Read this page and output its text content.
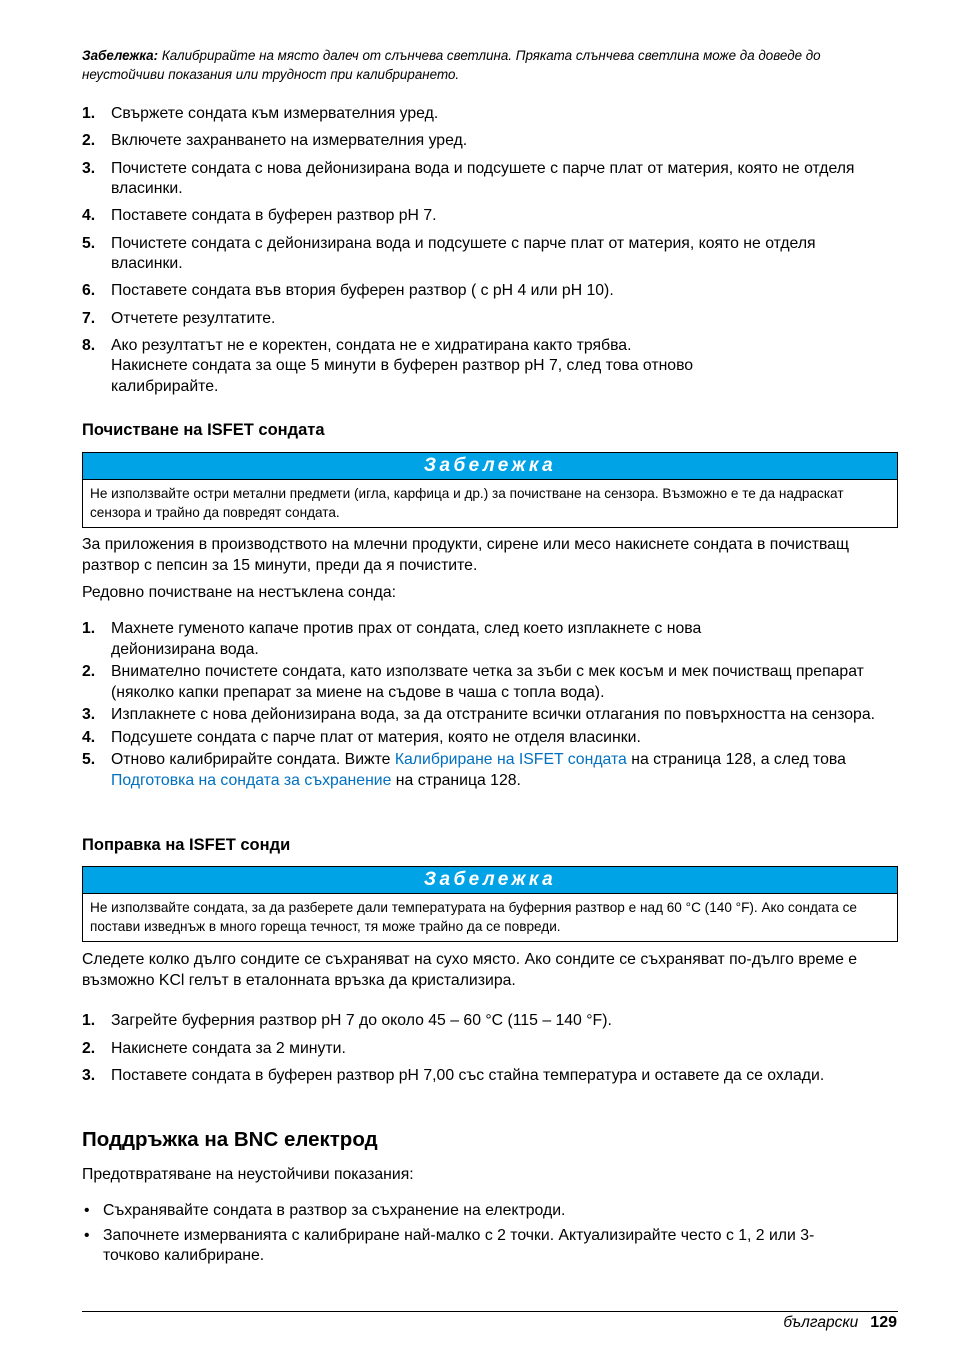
Забележка: Калибрирайте на място далеч от слънчева светлина. Пряката слънчева светлина може да доведе до неустойчиви показания или трудност при калибрирането.
1. Свържете сондата към измервателния уред.
2. Включете захранването на измервателния уред.
3. Почистете сондата с нова дейонизирана вода и подсушете с парче плат от материя, която не отделя власинки.
4. Поставете сондата в буферен разтвор pH 7.
5. Почистете сондата с дейонизирана вода и подсушете с парче плат от материя, която не отделя власинки.
6. Поставете сондата във втория буферен разтвор ( с pH 4 или pH 10).
7. Отчетете резултатите.
8. Ако резултатът не е коректен, сондата не е хидратирана както трябва.
Накиснете сондата за още 5 минути в буферен разтвор pH 7, след това отново калибрирайте.
Почистване на ISFET сондата
Забележка
Не използвайте остри метални предмети (игла, карфица и др.) за почистване на сензора. Възможно е те да надраскат сензора и трайно да повредят сондата.

За приложения в производството на млечни продукти, сирене или месо накиснете сондата в почистващ разтвор с пепсин за 15 минути, преди да я почистите.

Редовно почистване на нестъклена сонда:

1. Махнете гуменото капаче против прах от сондата, след което изплакнете с нова дейонизирана вода.
2. Внимателно почистете сондата, като използвате четка за зъби с мек косъм и мек почистващ препарат (няколко капки препарат за миене на съдове в чаша с топла вода).
3. Изплакнете с нова дейонизирана вода, за да отстраните всички отлагания по повърхността на сензора.
4. Подсушете сондата с парче плат от материя, която не отделя власинки.
5. Отново калибрирайте сондата. Вижте Калибриране на ISFET сондата на страница 128, а след това Подготовка на сондата за съхранение на страница 128.
Поправка на ISFET сонди
Забележка
Не използвайте сондата, за да разберете дали температурата на буферния разтвор е над 60 °C (140 °F). Ако сондата се постави изведнъж в много гореща течност, тя може трайно да се повреди.

Следете колко дълго сондите се съхраняват на сухо място. Ако сондите се съхраняват по-дълго време е възможно KCl гелът в еталонната връзка да кристализира.

1. Загрейте буферния разтвор pH 7 до около 45 – 60 °C (115 – 140 °F).
2. Накиснете сондата за 2 минути.
3. Поставете сондата в буферен разтвор pH 7,00 със стайна температура и оставете да се охлади.
Поддръжка на BNC електрод

Предотвратяване на неустойчиви показания:

• Съхранявайте сондата в разтвор за съхранение на електроди.
• Започнете измерванията с калибриране най-малко с 2 точки. Актуализирайте често с 1, 2 или 3-точково калибриране.
български 129
